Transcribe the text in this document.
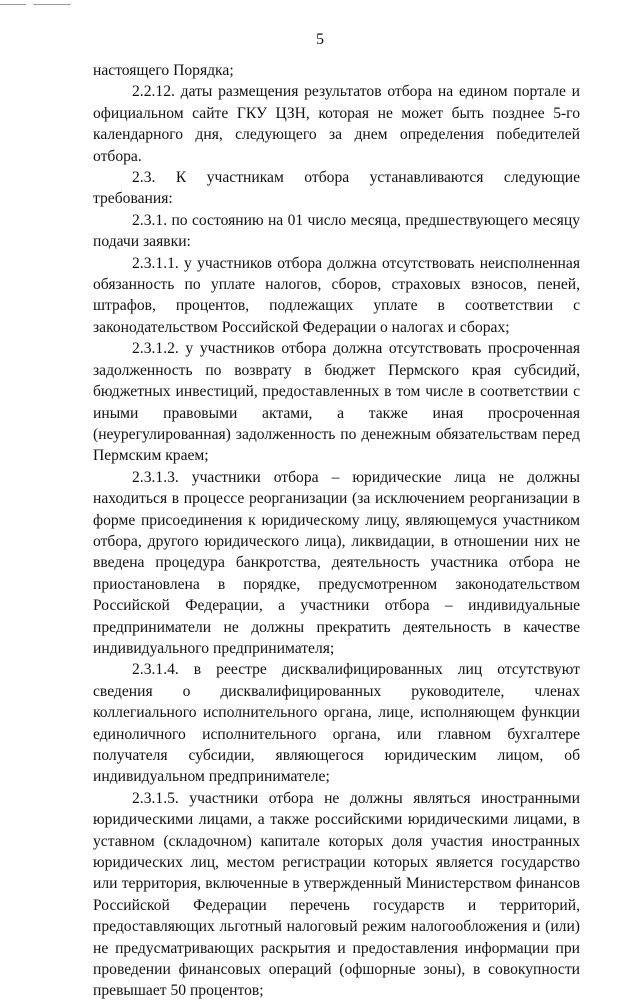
5

настоящего Порядка;

2.2.12. даты размещения результатов отбора на едином портале и официальном сайте ГКУ ЦЗН, которая не может быть позднее 5-го календарного дня, следующего за днем определения победителей отбора.

2.3. К участникам отбора устанавливаются следующие требования:

2.3.1. по состоянию на 01 число месяца, предшествующего месяцу подачи заявки:

2.3.1.1. у участников отбора должна отсутствовать неисполненная обязанность по уплате налогов, сборов, страховых взносов, пеней, штрафов, процентов, подлежащих уплате в соответствии с законодательством Российской Федерации о налогах и сборах;

2.3.1.2. у участников отбора должна отсутствовать просроченная задолженность по возврату в бюджет Пермского края субсидий, бюджетных инвестиций, предоставленных в том числе в соответствии с иными правовыми актами, а также иная просроченная (неурегулированная) задолженность по денежным обязательствам перед Пермским краем;

2.3.1.3. участники отбора – юридические лица не должны находиться в процессе реорганизации (за исключением реорганизации в форме присоединения к юридическому лицу, являющемуся участником отбора, другого юридического лица), ликвидации, в отношении них не введена процедура банкротства, деятельность участника отбора не приостановлена в порядке, предусмотренном законодательством Российской Федерации, а участники отбора – индивидуальные предприниматели не должны прекратить деятельность в качестве индивидуального предпринимателя;

2.3.1.4. в реестре дисквалифицированных лиц отсутствуют сведения о дисквалифицированных руководителе, членах коллегиального исполнительного органа, лице, исполняющем функции единоличного исполнительного органа, или главном бухгалтере получателя субсидии, являющегося юридическим лицом, об индивидуальном предпринимателе;

2.3.1.5. участники отбора не должны являться иностранными юридическими лицами, а также российскими юридическими лицами, в уставном (складочном) капитале которых доля участия иностранных юридических лиц, местом регистрации которых является государство или территория, включенные в утвержденный Министерством финансов Российской Федерации перечень государств и территорий, предоставляющих льготный налоговый режим налогообложения и (или) не предусматривающих раскрытия и предоставления информации при проведении финансовых операций (офшорные зоны), в совокупности превышает 50 процентов;
